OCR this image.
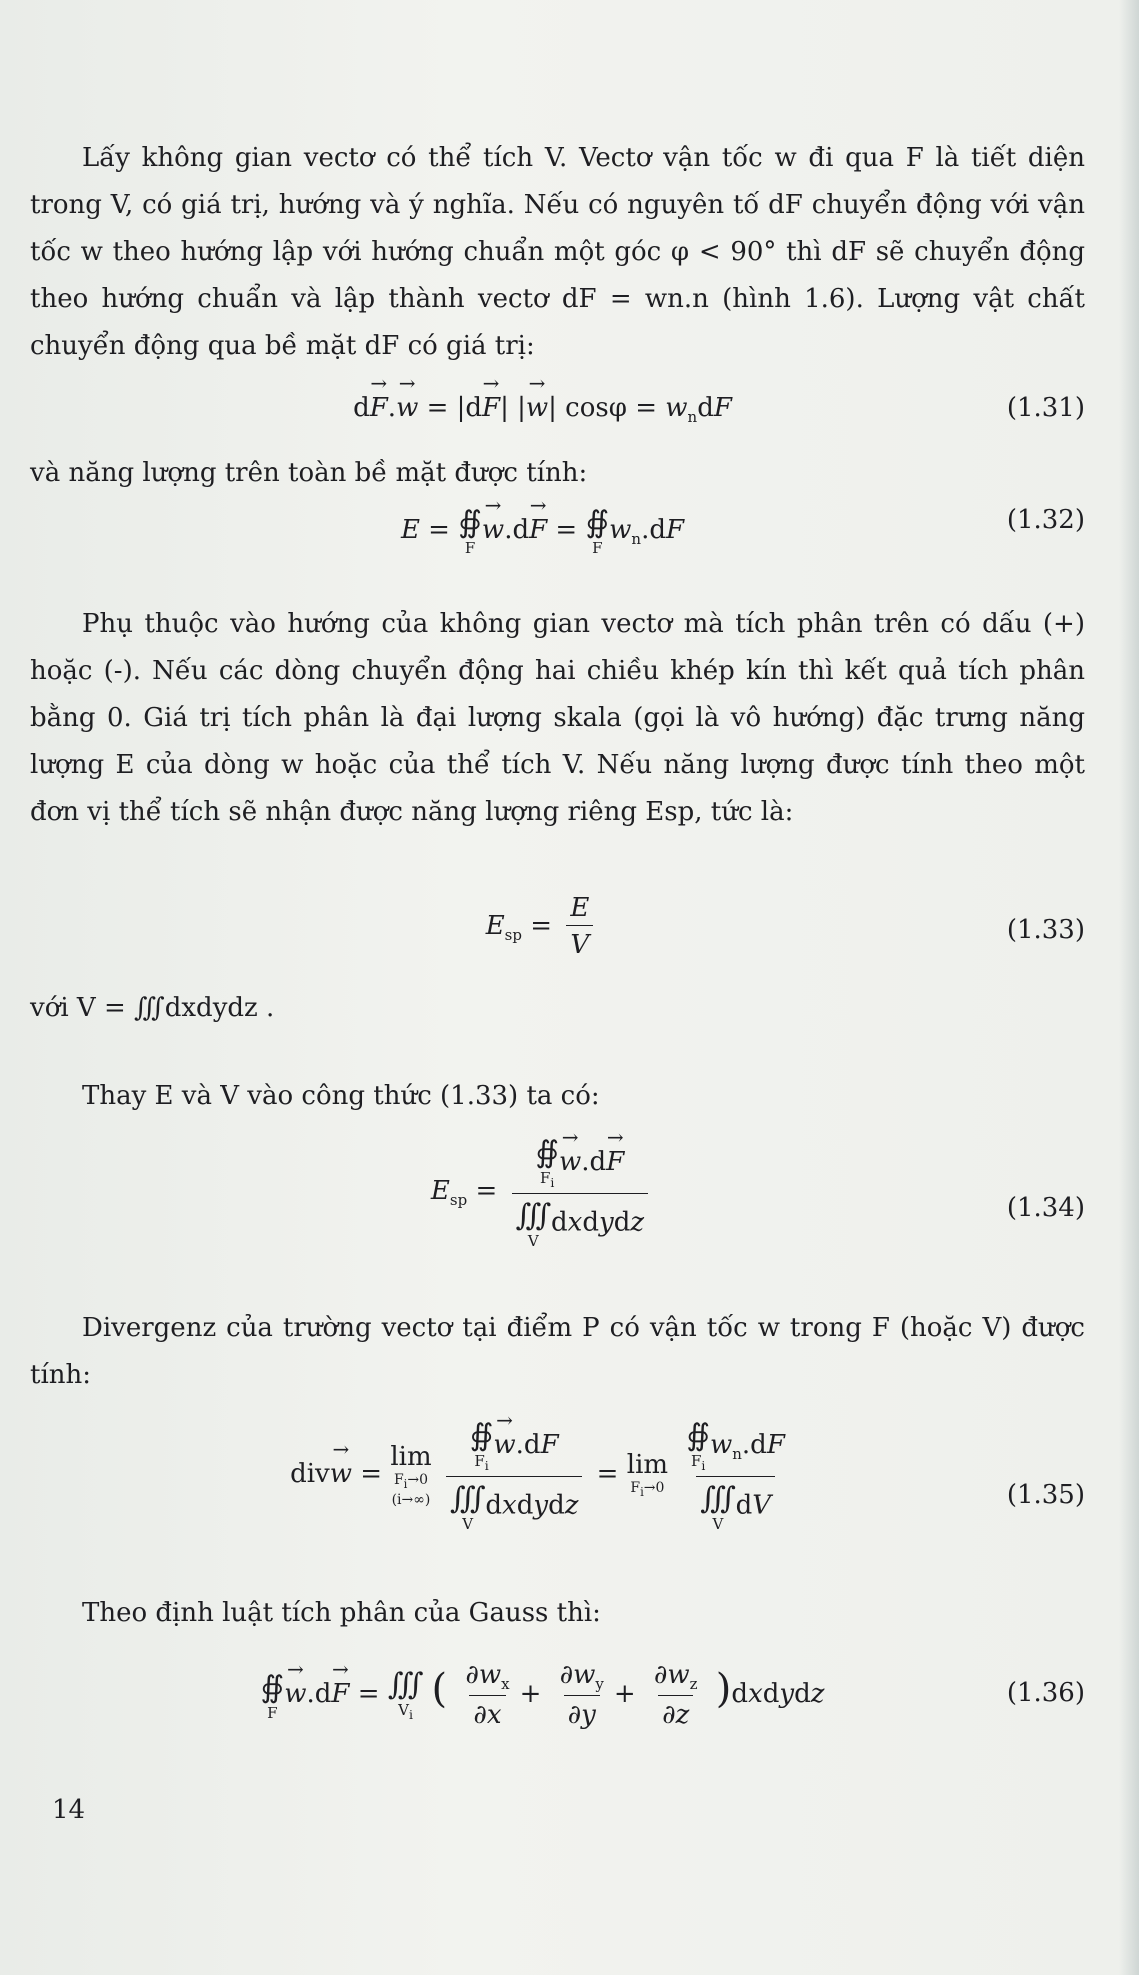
Lấy không gian vectơ có thể tích V. Vectơ vận tốc w đi qua F là tiết diện trong V, có giá trị, hướng và ý nghĩa. Nếu có nguyên tố dF chuyển động với vận tốc w theo hướng lập với hướng chuẩn một góc φ < 90° thì dF sẽ chuyển động theo hướng chuẩn và lập thành vectơ dF = wn.n (hình 1.6). Lượng vật chất chuyển động qua bề mặt dF có giá trị:

d→ F.→ w = |d→ F| |→ w| $\cos\varphi = w_ndF$	(1.31)

và năng lượng trên toàn bề mặt được tính:

E = ∯
F
→ w.d→ F = ∯
F
$w_n.dF$	(1.32)

Phụ thuộc vào hướng của không gian vectơ mà tích phân trên có dấu (+) hoặc (-). Nếu các dòng chuyển động hai chiều khép kín thì kết quả tích phân bằng 0. Giá trị tích phân là đại lượng skala (gọi là vô hướng) đặc trưng năng lượng E của dòng w hoặc của thể tích V. Nếu năng lượng được tính theo một đơn vị thể tích sẽ nhận được năng lượng riêng Esp, tức là:

$E_{sp} = \frac{E}{V}$	(1.33)

với V = ∭dxdydz .

Thay E và V vào công thức (1.33) ta có:

$E_{sp}$ = ∯
$F_i$
→ w.d→ F
∭
V
dxdydz	(1.34)

Divergenz của trường vectơ tại điểm P có vận tốc w trong F (hoặc V) được tính:

div→ w =
lim
$F_i\to 0$
(i→∞)
∯
$F_i$
→ w.dF
∭
V
dxdydz = lim
$F_i\to 0$
∯
$F_i$
$w_n.dF$
∭
V
dV	(1.35)

Theo định luật tích phân của Gauss thì:

∯
F
→ w.d→ F = ∭
$V_i$
( $\frac{\partial w_x}{\partial x} + \frac{\partial w_y}{\partial y} + \frac{\partial w_z}{\partial z}$ )dxdydz	(1.36)
14
